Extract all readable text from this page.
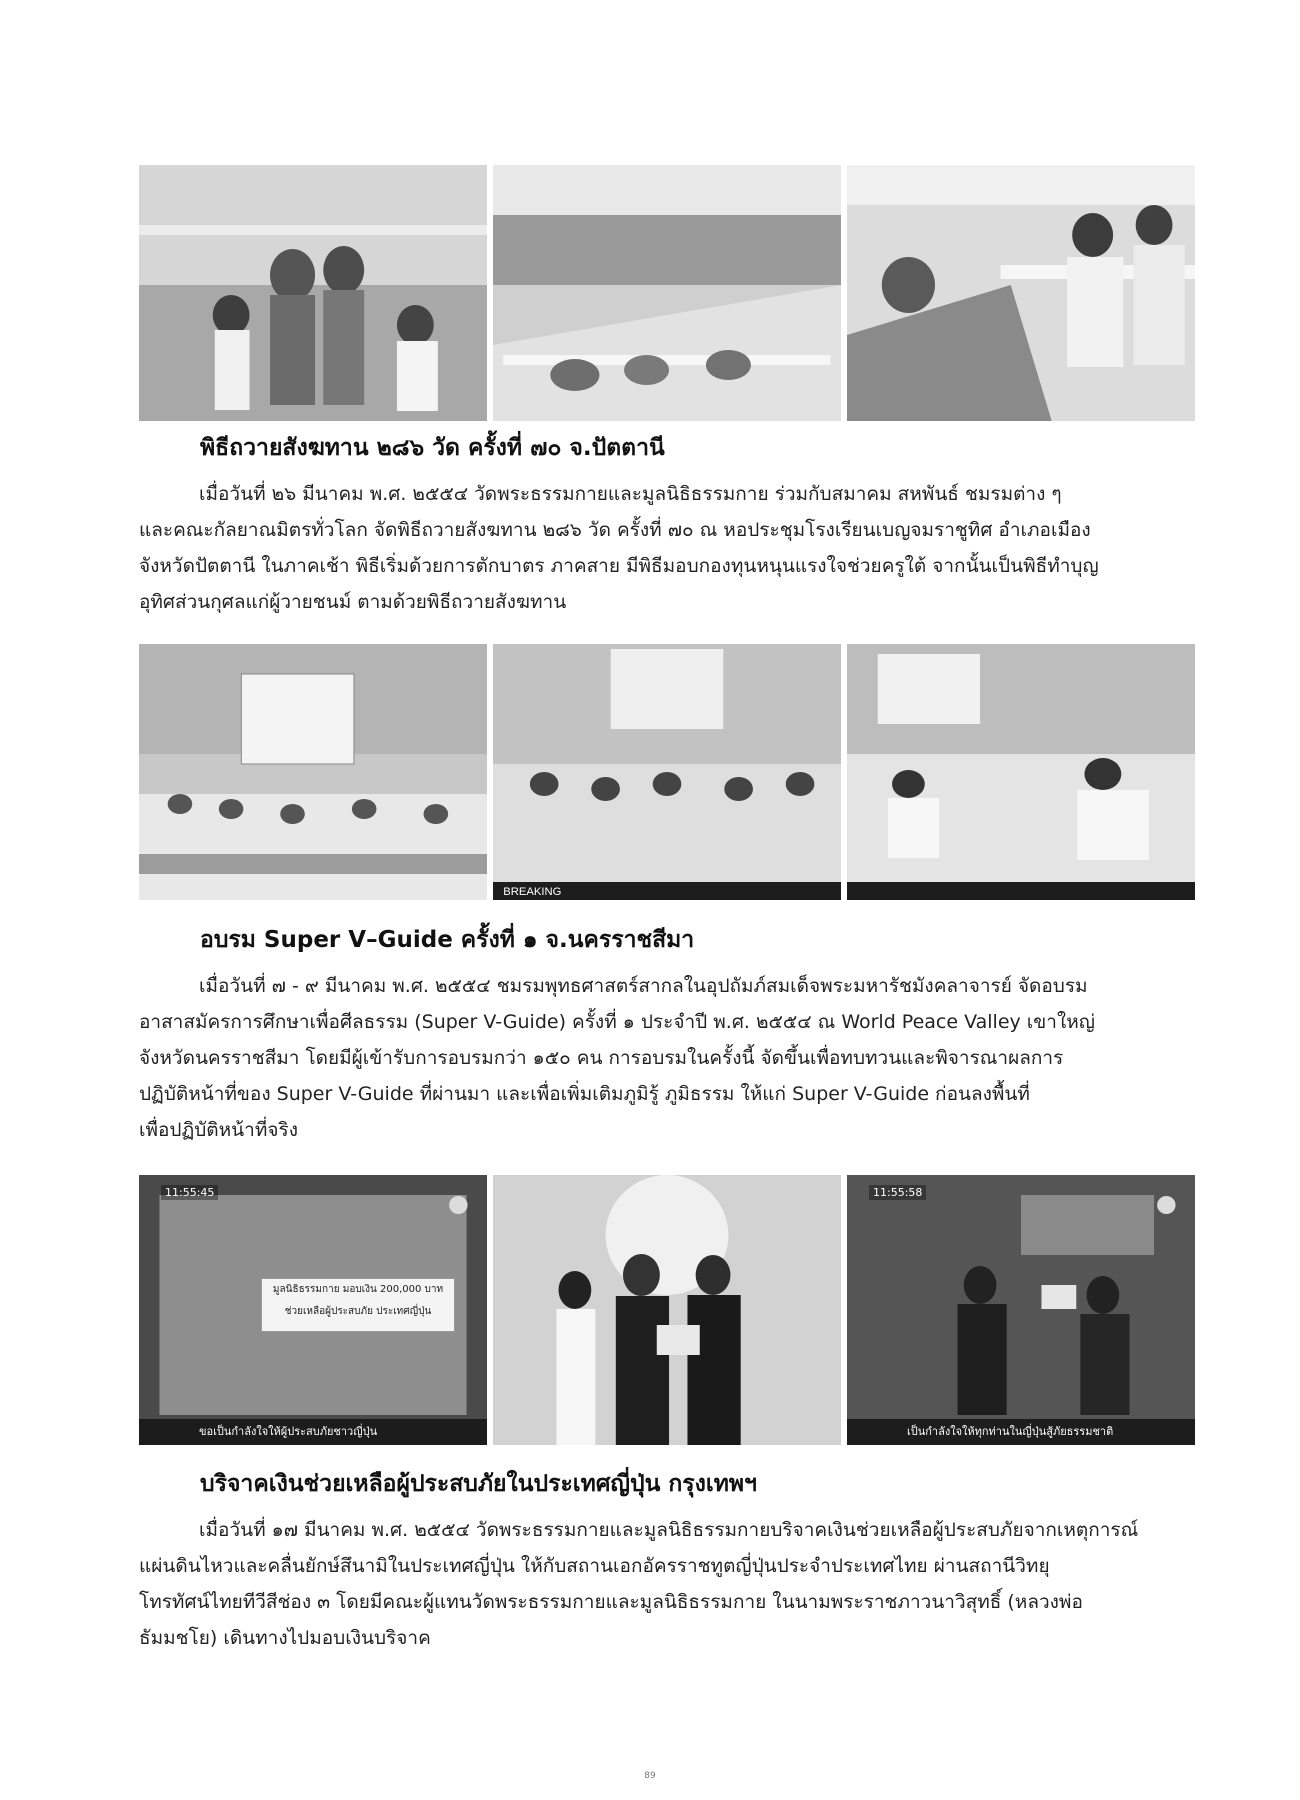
พิธีถวายสังฆทาน ๒๘๖ วัด ครั้งที่ ๗๐ จ.ปัตตานี
เมื่อวันที่ ๒๖ มีนาคม พ.ศ. ๒๕๕๔ วัดพระธรรมกายและมูลนิธิธรรมกาย ร่วมกับสมาคม สหพันธ์ ชมรมต่าง ๆ
และคณะกัลยาณมิตรทั่วโลก จัดพิธีถวายสังฆทาน ๒๘๖ วัด ครั้งที่ ๗๐ ณ หอประชุมโรงเรียนเบญจมราชูทิศ อำเภอเมือง
จังหวัดปัตตานี ในภาคเช้า พิธีเริ่มด้วยการตักบาตร ภาคสาย มีพิธีมอบกองทุนหนุนแรงใจช่วยครูใต้ จากนั้นเป็นพิธีทำบุญ
อุทิศส่วนกุศลแก่ผู้วายชนม์ ตามด้วยพิธีถวายสังฆทาน
BREAKING
อบรม Super V–Guide ครั้งที่ ๑ จ.นครราชสีมา
เมื่อวันที่ ๗ - ๙ มีนาคม พ.ศ. ๒๕๕๔ ชมรมพุทธศาสตร์สากลในอุปถัมภ์สมเด็จพระมหารัชมังคลาจารย์ จัดอบรม
อาสาสมัครการศึกษาเพื่อศีลธรรม (Super V-Guide) ครั้งที่ ๑ ประจำปี พ.ศ. ๒๕๕๔ ณ World Peace Valley เขาใหญ่
จังหวัดนครราชสีมา โดยมีผู้เข้ารับการอบรมกว่า ๑๕๐ คน การอบรมในครั้งนี้ จัดขึ้นเพื่อทบทวนและพิจารณาผลการ
ปฏิบัติหน้าที่ของ Super V-Guide ที่ผ่านมา และเพื่อเพิ่มเติมภูมิรู้ ภูมิธรรม ให้แก่ Super V-Guide ก่อนลงพื้นที่
เพื่อปฏิบัติหน้าที่จริง
11:55:45
มูลนิธิธรรมกาย มอบเงิน 200,000 บาท
ช่วยเหลือผู้ประสบภัย ประเทศญี่ปุ่น
ขอเป็นกำลังใจให้ผู้ประสบภัยชาวญี่ปุ่น
11:55:58
เป็นกำลังใจให้ทุกท่านในญี่ปุ่นสู้ภัยธรรมชาติ
บริจาคเงินช่วยเหลือผู้ประสบภัยในประเทศญี่ปุ่น กรุงเทพฯ
เมื่อวันที่ ๑๗ มีนาคม พ.ศ. ๒๕๕๔ วัดพระธรรมกายและมูลนิธิธรรมกายบริจาคเงินช่วยเหลือผู้ประสบภัยจากเหตุการณ์
แผ่นดินไหวและคลื่นยักษ์สึนามิในประเทศญี่ปุ่น ให้กับสถานเอกอัครราชทูตญี่ปุ่นประจำประเทศไทย ผ่านสถานีวิทยุ
โทรทัศน์ไทยทีวีสีช่อง ๓ โดยมีคณะผู้แทนวัดพระธรรมกายและมูลนิธิธรรมกาย ในนามพระราชภาวนาวิสุทธิ์ (หลวงพ่อ
ธัมมชโย) เดินทางไปมอบเงินบริจาค
89
